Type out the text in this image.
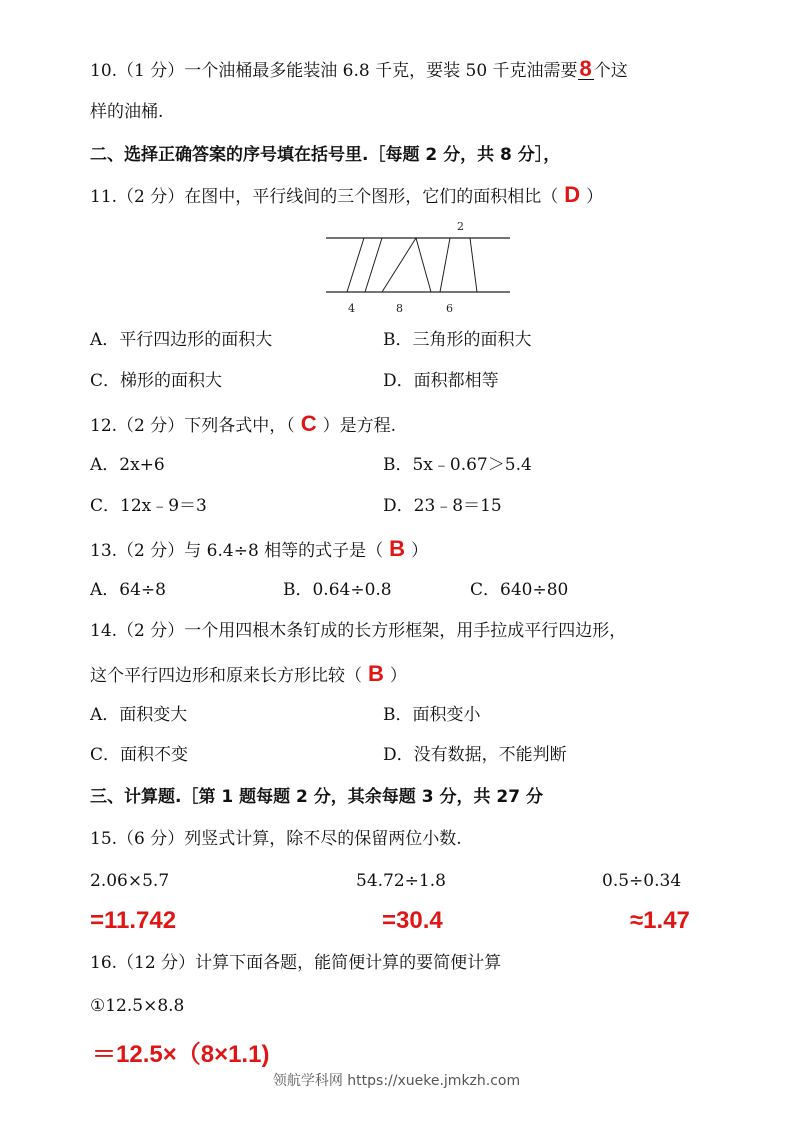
10.（1 分）一个油桶最多能装油 6.8 千克，要装 50 千克油需要8 个这
样的油桶.
二、选择正确答案的序号填在括号里.［每题 2 分，共 8 分］，
11.（2 分）在图中，平行线间的三个图形，它们的面积相比（ D ）
2
4	8	6
A．平行四边形的面积大	B．三角形的面积大
C．梯形的面积大	D．面积都相等
12.（2 分）下列各式中，（ C ）是方程.
A．2x+6	B．5x﹣0.67＞5.4
C．12x﹣9＝3	D．23﹣8＝15
13.（2 分）与 6.4÷8 相等的式子是（ B ）
A．64÷8	B．0.64÷0.8	C．640÷80
14.（2 分）一个用四根木条钉成的长方形框架，用手拉成平行四边形，
这个平行四边形和原来长方形比较（ B ）
A．面积变大	B．面积变小
C．面积不变	D．没有数据，不能判断
三、计算题.［第 1 题每题 2 分，其余每题 3 分，共 27 分
15.（6 分）列竖式计算，除不尽的保留两位小数.
2.06×5.7	54.72÷1.8	0.5÷0.34
=11.742	=30.4	≈1.47
16.（12 分）计算下面各题，能简便计算的要简便计算
①12.5×8.8
＝12.5×（8×1.1)
领航学科网 https://xueke.jmkzh.com
